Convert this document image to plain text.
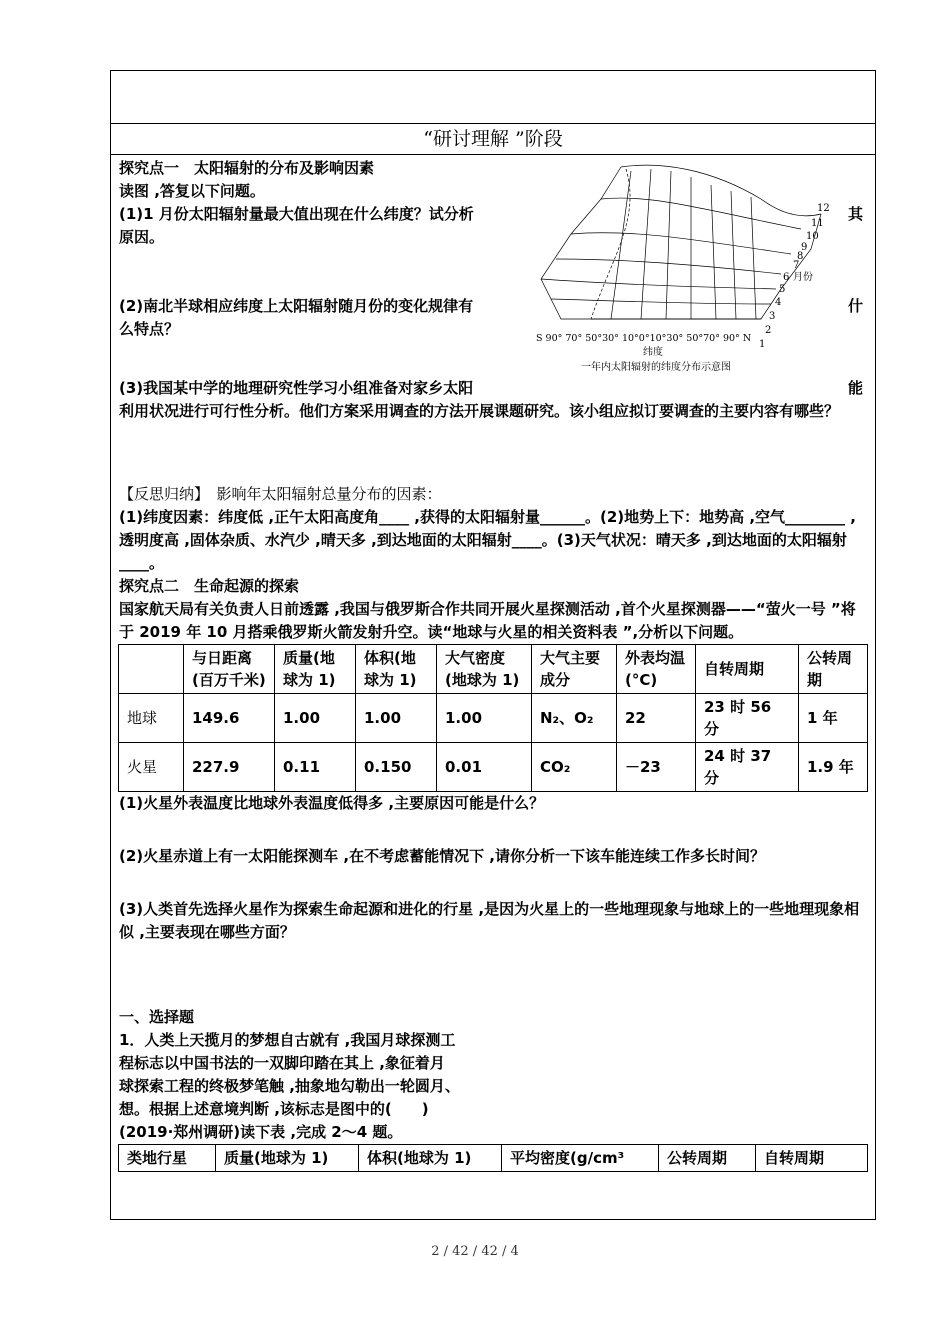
“研讨理解 ”阶段
12
11
10
9
8
7
6 月份
5
4
3
2
1
S 90° 70° 50°30° 10°0°10°30° 50°70° 90° N
纬度
一年内太阳辐射的纬度分布示意图
探究点一　太阳辐射的分布及影响因素
读图 ,答复以下问题。
(1)1 月份太阳辐射量最大值出现在什么纬度？试分析	其
原因。
(2)南北半球相应纬度上太阳辐射随月份的变化规律有	什
么特点？
(3)我国某中学的地理研究性学习小组准备对家乡太阳	能
利用状况进行可行性分析。他们方案采用调查的方法开展课题研究。该小组应拟订要调查的主要内容有哪些？
【反思归纳】　影响年太阳辐射总量分布的因素：
(1)纬度因素：纬度低 ,正午太阳高度角____ ,获得的太阳辐射量______。(2)地势上下：地势高 ,空气________ ,透明度高 ,固体杂质、水汽少 ,晴天多 ,到达地面的太阳辐射____。(3)天气状况：晴天多 ,到达地面的太阳辐射____。
探究点二　生命起源的探索
国家航天局有关负责人日前透露 ,我国与俄罗斯合作共同开展火星探测活动 ,首个火星探测器——“萤火一号 ”将于 2019 年 10 月搭乘俄罗斯火箭发射升空。读“地球与火星的相关资料表 ”,分析以下问题。
	与日距离(百万千米)	质量(地球为 1)	体积(地球为 1)	大气密度(地球为 1)	大气主要成分	外表均温(°C)	自转周期	公转周期
地球	149.6	1.00	1.00	1.00	N₂、O₂	22	23 时 56 分	1 年
火星	227.9	0.11	0.150	0.01	CO₂	－23	24 时 37 分	1.9 年
(1)火星外表温度比地球外表温度低得多 ,主要原因可能是什么？
(2)火星赤道上有一太阳能探测车 ,在不考虑蓄能情况下 ,请你分析一下该车能连续工作多长时间？
(3)人类首先选择火星作为探索生命起源和进化的行星 ,是因为火星上的一些地理现象与地球上的一些地理现象相似 ,主要表现在哪些方面？
一、选择题
1．人类上天揽月的梦想自古就有 ,我国月球探测工
程标志以中国书法的一双脚印踏在其上 ,象征着月
球探索工程的终极梦笔触 ,抽象地勾勒出一轮圆月、
想。根据上述意境判断 ,该标志是图中的(　　)
(2019·郑州调研)读下表 ,完成 2～4 题。
类地行星	质量(地球为 1)	体积(地球为 1)	平均密度(g/cm³	公转周期	自转周期
2 / 42 / 42 / 4
